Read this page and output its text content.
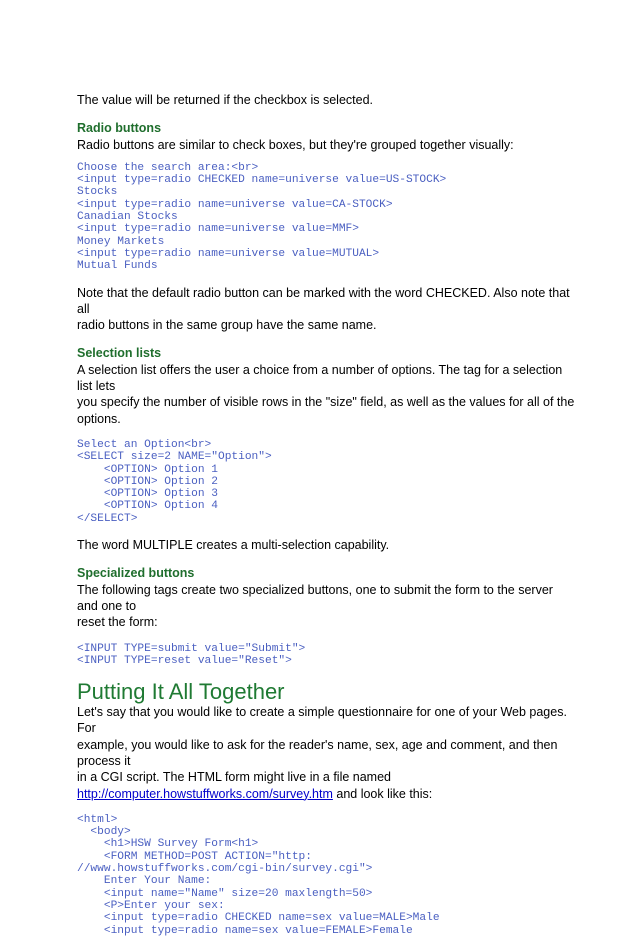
The value will be returned if the checkbox is selected.

Radio buttons

Radio buttons are similar to check boxes, but they're grouped together visually:

Choose the search area:<br>
<input type=radio CHECKED name=universe value=US-STOCK>
Stocks
<input type=radio name=universe value=CA-STOCK>
Canadian Stocks
<input type=radio name=universe value=MMF>
Money Markets
<input type=radio name=universe value=MUTUAL>
Mutual Funds

Note that the default radio button can be marked with the word CHECKED. Also note that all

radio buttons in the same group have the same name.

Selection lists

A selection list offers the user a choice from a number of options. The tag for a selection list lets

you specify the number of visible rows in the "size" field, as well as the values for all of the

options.

Select an Option<br>
<SELECT size=2 NAME="Option">
<OPTION> Option 1
<OPTION> Option 2
<OPTION> Option 3
<OPTION> Option 4
</SELECT>

The word MULTIPLE creates a multi-selection capability.

Specialized buttons

The following tags create two specialized buttons, one to submit the form to the server and one to

reset the form:

<INPUT TYPE=submit value="Submit">
<INPUT TYPE=reset value="Reset">
Putting It All Together

Let's say that you would like to create a simple questionnaire for one of your Web pages. For

example, you would like to ask for the reader's name, sex, age and comment, and then process it

in a CGI script. The HTML form might live in a file named

http://computer.howstuffworks.com/survey.htm and look like this:

<html>
<body>
<h1>HSW Survey Form<h1>
<FORM METHOD=POST ACTION="http:
//www.howstuffworks.com/cgi-bin/survey.cgi">
Enter Your Name:
<input name="Name" size=20 maxlength=50>
<P>Enter your sex:
<input type=radio CHECKED name=sex value=MALE>Male
<input type=radio name=sex value=FEMALE>Female
